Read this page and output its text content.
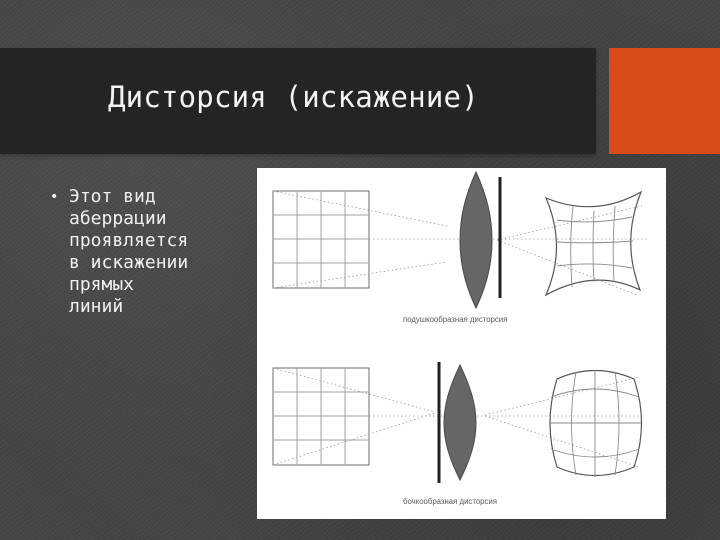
Дисторсия (искажение)
• Этот вид
аберрации
проявляется
в искажении
прямых
линий
подушкообразная дисторсия
бочкообразная дисторсия
